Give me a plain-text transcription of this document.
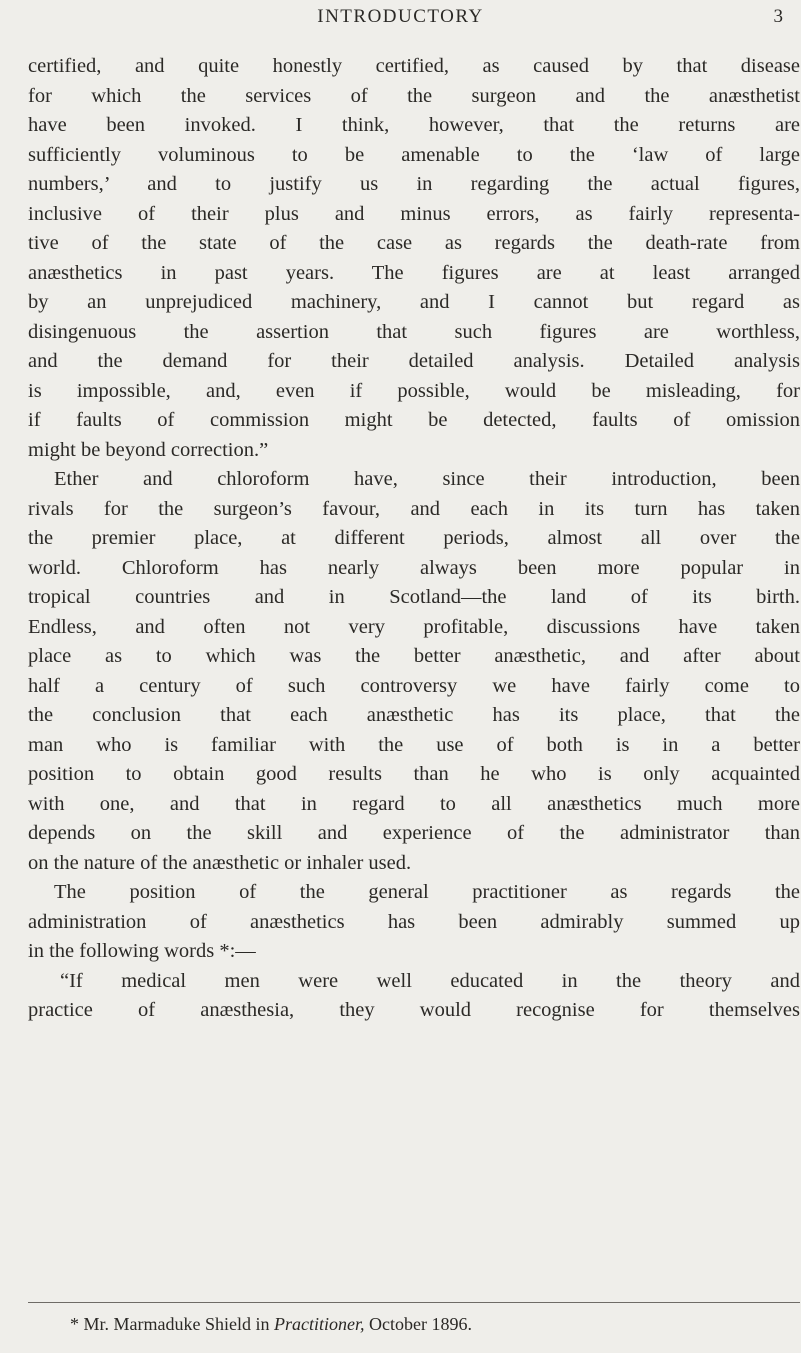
INTRODUCTORY	3
certified, and quite honestly certified, as caused by that disease
for which the services of the surgeon and the anæsthetist
have been invoked. I think, however, that the returns are
sufficiently voluminous to be amenable to the ‘law of large
numbers,’ and to justify us in regarding the actual figures,
inclusive of their plus and minus errors, as fairly representa-
tive of the state of the case as regards the death-rate from
anæsthetics in past years. The figures are at least arranged
by an unprejudiced machinery, and I cannot but regard as
disingenuous the assertion that such figures are worthless,
and the demand for their detailed analysis. Detailed analysis
is impossible, and, even if possible, would be misleading, for
if faults of commission might be detected, faults of omission
might be beyond correction.”
Ether and chloroform have, since their introduction, been
rivals for the surgeon’s favour, and each in its turn has taken
the premier place, at different periods, almost all over the
world. Chloroform has nearly always been more popular in
tropical countries and in Scotland—the land of its birth.
Endless, and often not very profitable, discussions have taken
place as to which was the better anæsthetic, and after about
half a century of such controversy we have fairly come to
the conclusion that each anæsthetic has its place, that the
man who is familiar with the use of both is in a better
position to obtain good results than he who is only acquainted
with one, and that in regard to all anæsthetics much more
depends on the skill and experience of the administrator than
on the nature of the anæsthetic or inhaler used.
The position of the general practitioner as regards the
administration of anæsthetics has been admirably summed up
in the following words *:—
“If medical men were well educated in the theory and
practice of anæsthesia, they would recognise for themselves
* Mr. Marmaduke Shield in Practitioner, October 1896.
